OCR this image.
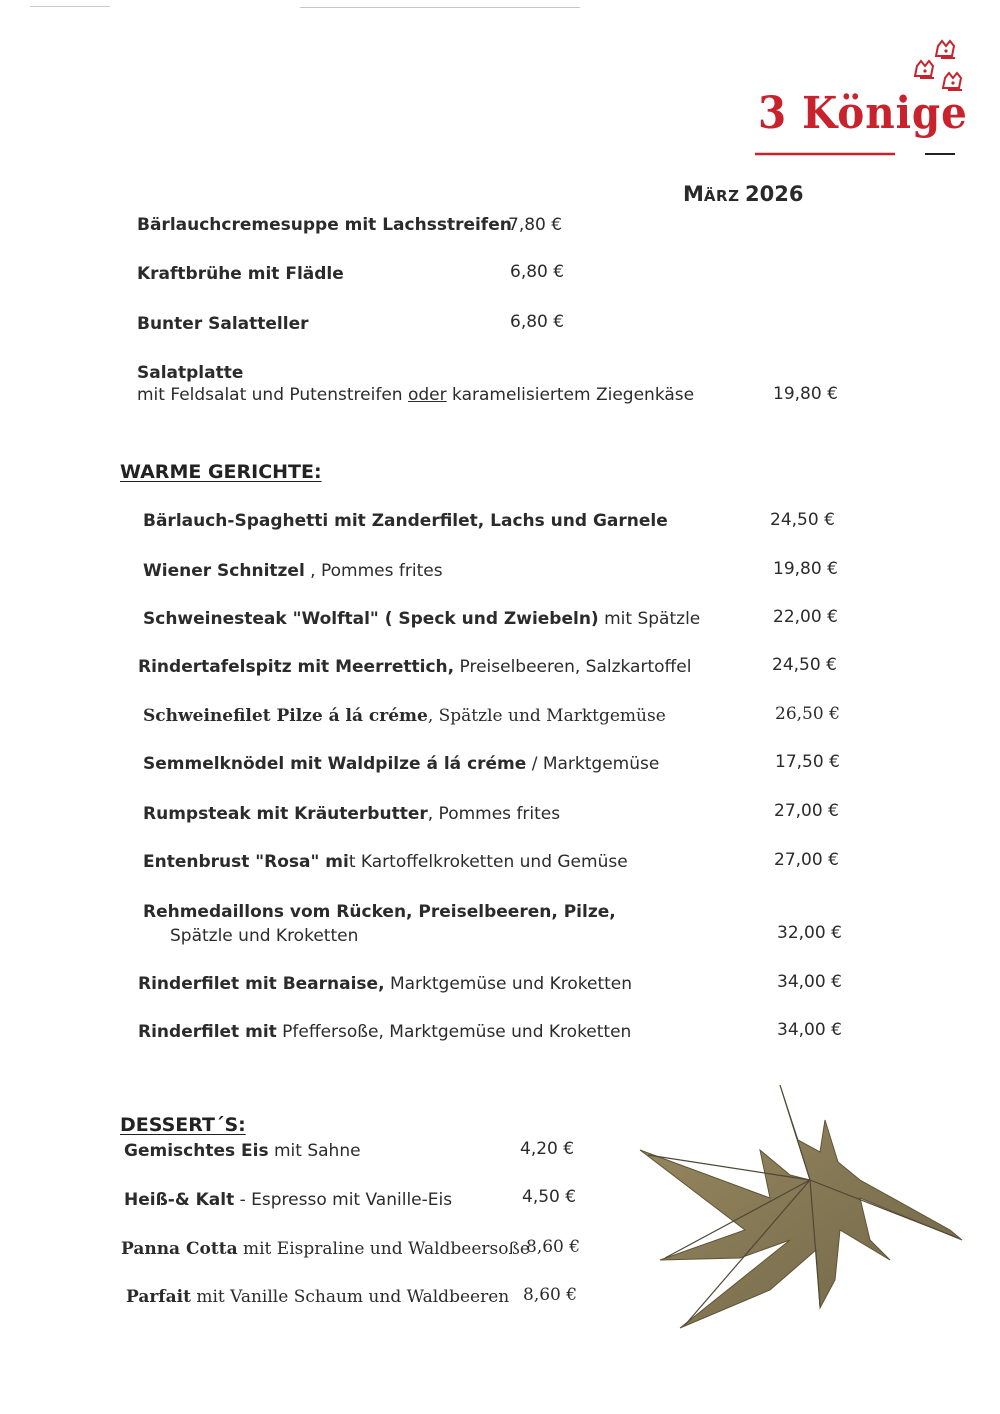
3 Könige
MÄRZ 2026
Bärlauchcremesuppe mit Lachsstreifen
7,80 €
Kraftbrühe mit Flädle	6,80 €
Bunter Salatteller	6,80 €
Salatplatte
mit Feldsalat und Putenstreifen oder karamelisiertem Ziegenkäse	19,80 €
WARME GERICHTE:
Bärlauch-Spaghetti mit Zanderfilet, Lachs und Garnele	24,50 €
Wiener Schnitzel , Pommes frites	19,80 €
Schweinesteak "Wolftal" ( Speck und Zwiebeln) mit Spätzle	22,00 €
Rindertafelspitz mit Meerrettich, Preiselbeeren, Salzkartoffel	24,50 €
Schweinefilet Pilze á lá créme, Spätzle und Marktgemüse	26,50 €
Semmelknödel mit Waldpilze á lá créme / Marktgemüse	17,50 €
Rumpsteak mit Kräuterbutter, Pommes frites	27,00 €
Entenbrust "Rosa" mit Kartoffelkroketten und Gemüse	27,00 €
Rehmedaillons vom Rücken, Preiselbeeren, Pilze,
Spätzle und Kroketten	32,00 €
Rinderfilet mit Bearnaise, Marktgemüse und Kroketten	34,00 €
Rinderfilet mit Pfeffersoße, Marktgemüse und Kroketten	34,00 €
DESSERT´S:
Gemischtes Eis mit Sahne	4,20 €
Heiß-& Kalt - Espresso mit Vanille-Eis	4,50 €
Panna Cotta mit Eispraline und Waldbeersoße
8,60 €
Parfait mit Vanille Schaum und Waldbeeren 8,60 €
